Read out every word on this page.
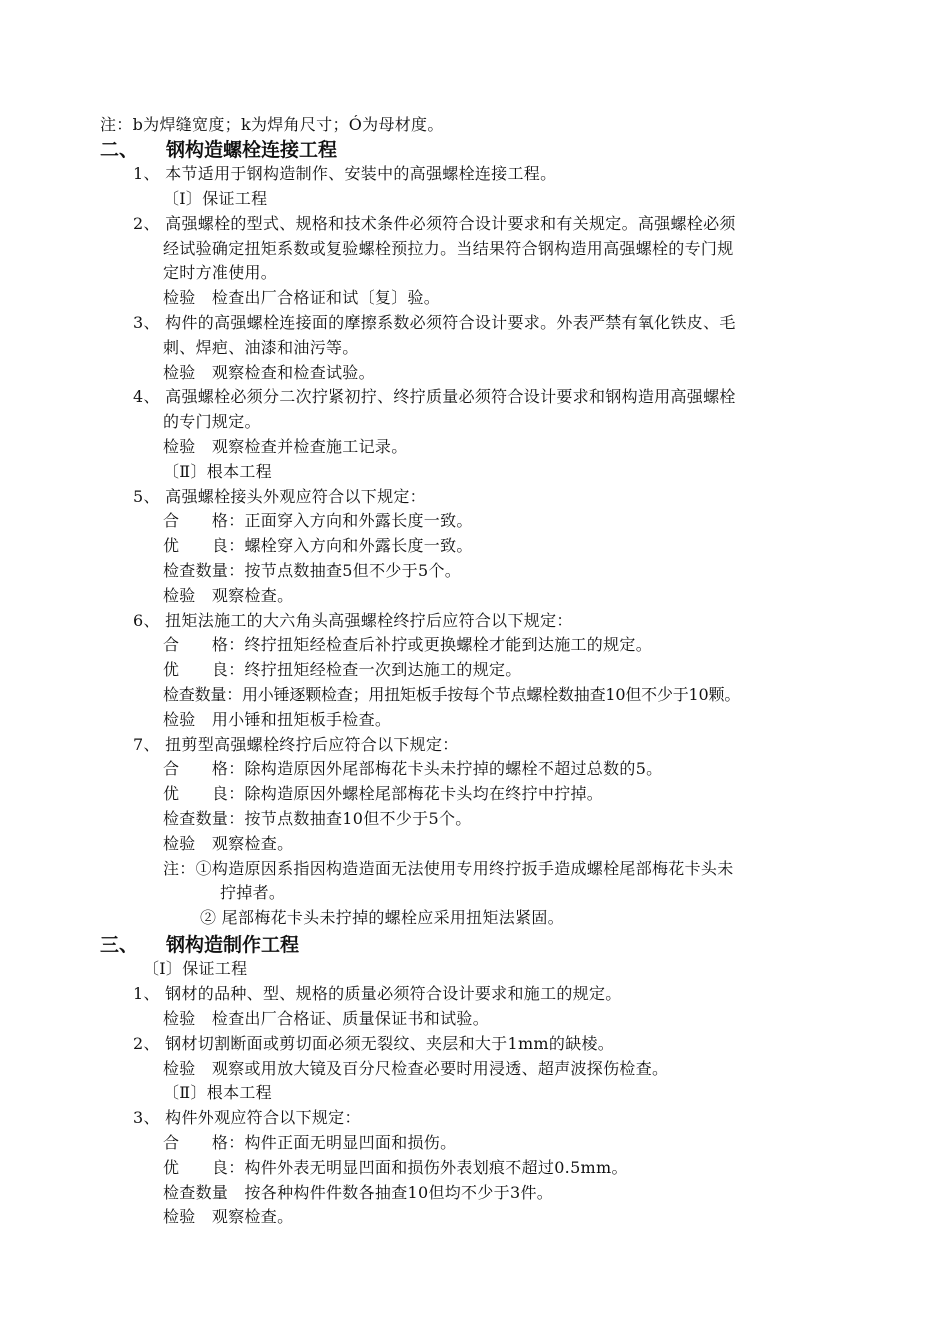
注：b为焊缝宽度；k为焊角尺寸；Ó为母材度。
二、 钢构造螺栓连接工程
1、 本节适用于钢构造制作、安装中的高强螺栓连接工程。
〔Ⅰ〕保证工程
2、 高强螺栓的型式、规格和技术条件必须符合设计要求和有关规定。高强螺栓必须
经试验确定扭矩系数或复验螺栓预拉力。当结果符合钢构造用高强螺栓的专门规
定时方准使用。
检验　检查出厂合格证和试〔复〕验。
3、 构件的高强螺栓连接面的摩擦系数必须符合设计要求。外表严禁有氧化铁皮、毛
刺、焊疤、油漆和油污等。
检验　观察检查和检查试验。
4、 高强螺栓必须分二次拧紧初拧、终拧质量必须符合设计要求和钢构造用高强螺栓
的专门规定。
检验　观察检查并检查施工记录。
〔Ⅱ〕根本工程
5、 高强螺栓接头外观应符合以下规定：
合　　格：正面穿入方向和外露长度一致。
优　　良：螺栓穿入方向和外露长度一致。
检查数量：按节点数抽查5但不少于5个。
检验　观察检查。
6、 扭矩法施工的大六角头高强螺栓终拧后应符合以下规定：
合　　格：终拧扭矩经检查后补拧或更换螺栓才能到达施工的规定。
优　　良：终拧扭矩经检查一次到达施工的规定。
检查数量：用小锤逐颗检查；用扭矩板手按每个节点螺栓数抽查10但不少于10颗。
检验　用小锤和扭矩板手检查。
7、 扭剪型高强螺栓终拧后应符合以下规定：
合　　格：除构造原因外尾部梅花卡头未拧掉的螺栓不超过总数的5。
优　　良：除构造原因外螺栓尾部梅花卡头均在终拧中拧掉。
检查数量：按节点数抽查10但不少于5个。
检验　观察检查。
注：①构造原因系指因构造造面无法使用专用终拧扳手造成螺栓尾部梅花卡头未
拧掉者。
② 尾部梅花卡头未拧掉的螺栓应采用扭矩法紧固。
三、 钢构造制作工程
〔Ⅰ〕保证工程
1、 钢材的品种、型、规格的质量必须符合设计要求和施工的规定。
检验　检查出厂合格证、质量保证书和试验。
2、 钢材切割断面或剪切面必须无裂纹、夹层和大于1mm的缺棱。
检验　观察或用放大镜及百分尺检查必要时用浸透、超声波探伤检查。
〔Ⅱ〕根本工程
3、 构件外观应符合以下规定：
合　　格：构件正面无明显凹面和损伤。
优　　良：构件外表无明显凹面和损伤外表划痕不超过0.5mm。
检查数量　按各种构件件数各抽查10但均不少于3件。
检验　观察检查。
